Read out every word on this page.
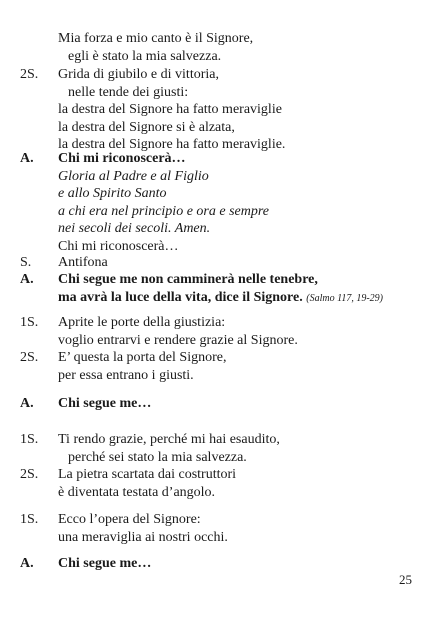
Mia forza e mio canto è il Signore,
egli è stato la mia salvezza.
2S.	Grida di giubilo e di vittoria,
nelle tende dei giusti:
la destra del Signore ha fatto meraviglie
la destra del Signore si è alzata,
la destra del Signore ha fatto meraviglie.
A.	Chi mi riconoscerà…
Gloria al Padre e al Figlio
e allo Spirito Santo
a chi era nel principio e ora e sempre
nei secoli dei secoli. Amen.
Chi mi riconoscerà…
S.	Antifona
A.	Chi segue me non camminerà nelle tenebre,
ma avrà la luce della vita, dice il Signore. (Salmo 117, 19-29)
1S.	Aprite le porte della giustizia:
voglio entrarvi e rendere grazie al Signore.
2S.	E’ questa la porta del Signore,
per essa entrano i giusti.
A.	Chi segue me…
1S.	Ti rendo grazie, perché mi hai esaudito,
perché sei stato la mia salvezza.
2S.	La pietra scartata dai costruttori
è diventata testata d’angolo.
1S.	Ecco l’opera del Signore:
una meraviglia ai nostri occhi.
A.	Chi segue me…
25
